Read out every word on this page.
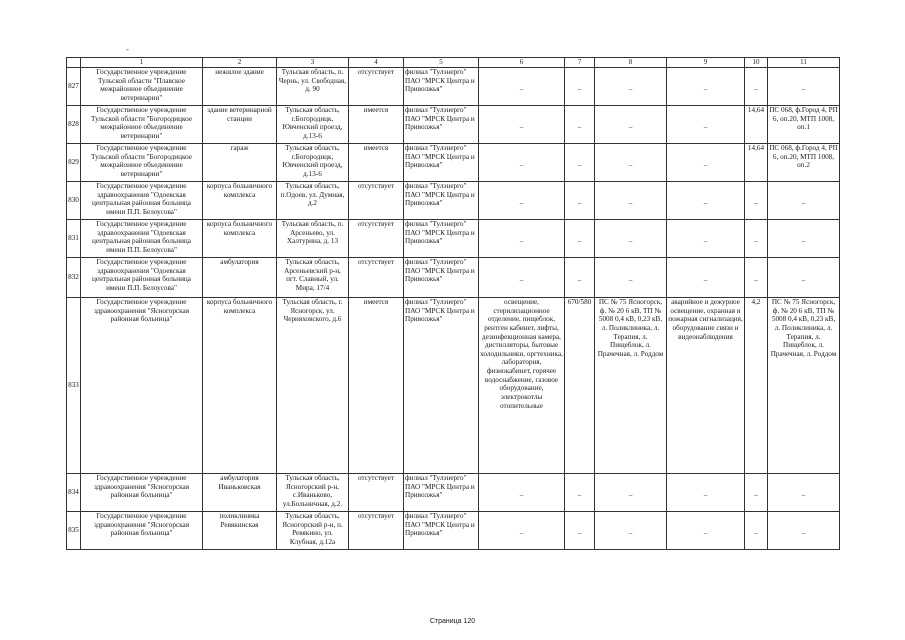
-
	1	2	3	4	5	6	7	8	9	10	11
827	Государственное учреждение Тульской области "Плавское межрайонное объединение ветеринарии"	нежилое здание	Тульская область, п. Чернь, ул. Свободная, д. 90	отсутствует	филиал "Тулэнерго" ПАО "МРСК Центра и Приволжья"	–	–	–	–	–	–
828	Государственное учреждение Тульской области "Богородицкое межрайонное объединение ветеринарии"	здание ветеринарной станции	Тульская область, г.Богородицк, Ювченский проезд, д.13-6	имеется	филиал "Тулэнерго" ПАО "МРСК Центра и Приволжья"	–	–	–	–	14,64	ПС 068, ф.Город 4, РП 6, оп.20, МТП 1008, оп.1
829	Государственное учреждение Тульской области "Богородицкое межрайонное объединение ветеринарии"	гараж	Тульская область, г.Богородицк, Ювченский проезд, д.13-6	имеется	филиал "Тулэнерго" ПАО "МРСК Центра и Приволжья"	–	–	–	–	14,64	ПС 068, ф.Город 4, РП 6, оп.20, МТП 1008, оп.2
830	Государственное учреждение здравоохранения "Одоевская центральная районная больница имени П.П. Белоусова"	корпуса больничного комплекса	Тульская область, п.Одоев, ул. Думная, д.2	отсутствует	филиал "Тулэнерго" ПАО "МРСК Центра и Приволжья"	–	–	–	–	–	–
831	Государственное учреждение здравоохранения "Одоевская центральная районная больница имени П.П. Белоусова"	корпуса больничного комплекса	Тульская область, п. Арсеньево, ул. Халтурина, д. 13	отсутствует	филиал "Тулэнерго" ПАО "МРСК Центра и Приволжья"	–	–	–	–	–	–
832	Государственное учреждение здравоохранения "Одоевская центральная районная больница имени П.П. Белоусова"	амбулатория	Тульская область, Арсеньевский р-н, пгт. Славный, ул. Мира, 17/4	отсутствует	филиал "Тулэнерго" ПАО "МРСК Центра и Приволжья"	–	–	–	–	–	–
833	Государственное учреждение здравоохранения "Ясногорская районная больница"	корпуса больничного комплекса	Тульская область, г. Ясногорск, ул. Черняховского, д.6	имеется	филиал "Тулэнерго" ПАО "МРСК Центра и Приволжья"	освещение, стерилизационное отделение, пищеблок, рентген кабинет, лифты, дезинфекционная камера, дистилляторы, бытовые холодильники, оргтехника, лаборатория, физиокабинет, горячее водоснабжение, газовое оборудование, электрокотлы отопительные	670/580	ПС № 75 Ясногорск, ф. № 20 6 кВ, ТП № 5008 0,4 кВ, 0,23 кВ, л. Поликлиника, л. Терапия, л. Пищеблок, л. Прачечная, л. Роддом	аварийное и дежурное освещение, охранная и пожарная сигнализация, оборудование связи и видеонаблюдения	4,2	ПС № 75 Ясногорск, ф. № 20 6 кВ, ТП № 5008 0,4 кВ, 0,23 кВ, л. Поликлиника, л. Терапия, л. Пищеблок, л. Прачечная, л. Роддом
834	Государственное учреждение здравоохранения "Ясногорская районная больница"	амбулатория Иваньковская	Тульская область, Ясногорский р-н, с.Иваньково, ул.Больничная, д.2.	отсутствует	филиал "Тулэнерго" ПАО "МРСК Центра и Приволжья"	–	–	–	–	–	–
835	Государственное учреждение здравоохранения "Ясногорская районная больница"	поликлиника Ревякинская	Тульская область, Ясногорский р-н, п. Ревякино, ул. Клубная, д.12а	отсутствует	филиал "Тулэнерго" ПАО "МРСК Центра и Приволжья"	–	–	–	–	–	–
Страница 120
